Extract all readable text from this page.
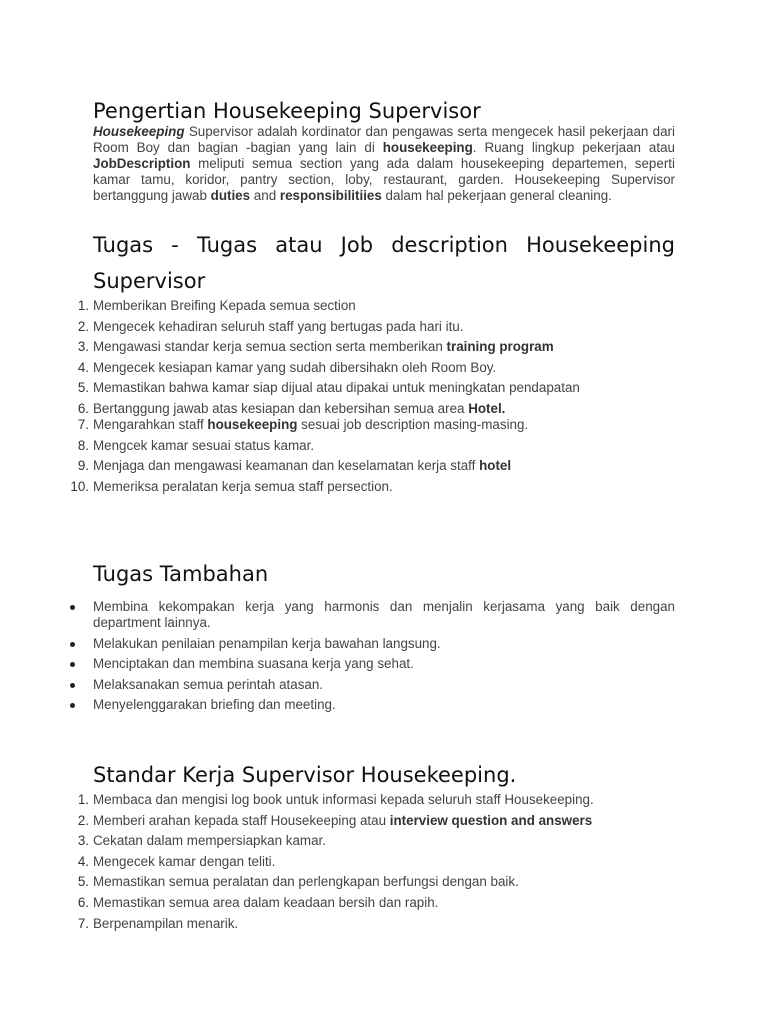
Pengertian Housekeeping Supervisor

Housekeeping Supervisor adalah kordinator dan pengawas serta mengecek hasil pekerjaan dari Room Boy dan bagian -bagian yang lain di housekeeping. Ruang lingkup pekerjaan atau JobDescription meliputi semua section yang ada dalam housekeeping departemen, seperti kamar tamu, koridor, pantry section, loby, restaurant, garden. Housekeeping Supervisor bertanggung jawab duties and responsibilitiies dalam hal pekerjaan general cleaning.

Tugas - Tugas atau Job description Housekeeping
Supervisor
1. Memberikan Breifing Kepada semua section
2. Mengecek kehadiran seluruh staff yang bertugas pada hari itu.
3. Mengawasi standar kerja semua section serta memberikan training program
4. Mengecek kesiapan kamar yang sudah dibersihakn oleh Room Boy.
5. Memastikan bahwa kamar siap dijual atau dipakai untuk meningkatan pendapatan
6. Bertanggung jawab atas kesiapan dan kebersihan semua area Hotel.
7. Mengarahkan staff housekeeping sesuai job description masing-masing.
8. Mengcek kamar sesuai status kamar.
9. Menjaga dan mengawasi keamanan dan keselamatan kerja staff hotel
10. Memeriksa peralatan kerja semua staff persection.
Tugas Tambahan
Membina kekompakan kerja yang harmonis dan menjalin kerjasama yang baik dengan department lainnya.
Melakukan penilaian penampilan kerja bawahan langsung.
Menciptakan dan membina suasana kerja yang sehat.
Melaksanakan semua perintah atasan.
Menyelenggarakan briefing dan meeting.
Standar Kerja Supervisor Housekeeping.
1. Membaca dan mengisi log book untuk informasi kepada seluruh staff Housekeeping.
2. Memberi arahan kepada staff Housekeeping atau interview question and answers
3. Cekatan dalam mempersiapkan kamar.
4. Mengecek kamar dengan teliti.
5. Memastikan semua peralatan dan perlengkapan berfungsi dengan baik.
6. Memastikan semua area dalam keadaan bersih dan rapih.
7. Berpenampilan menarik.
